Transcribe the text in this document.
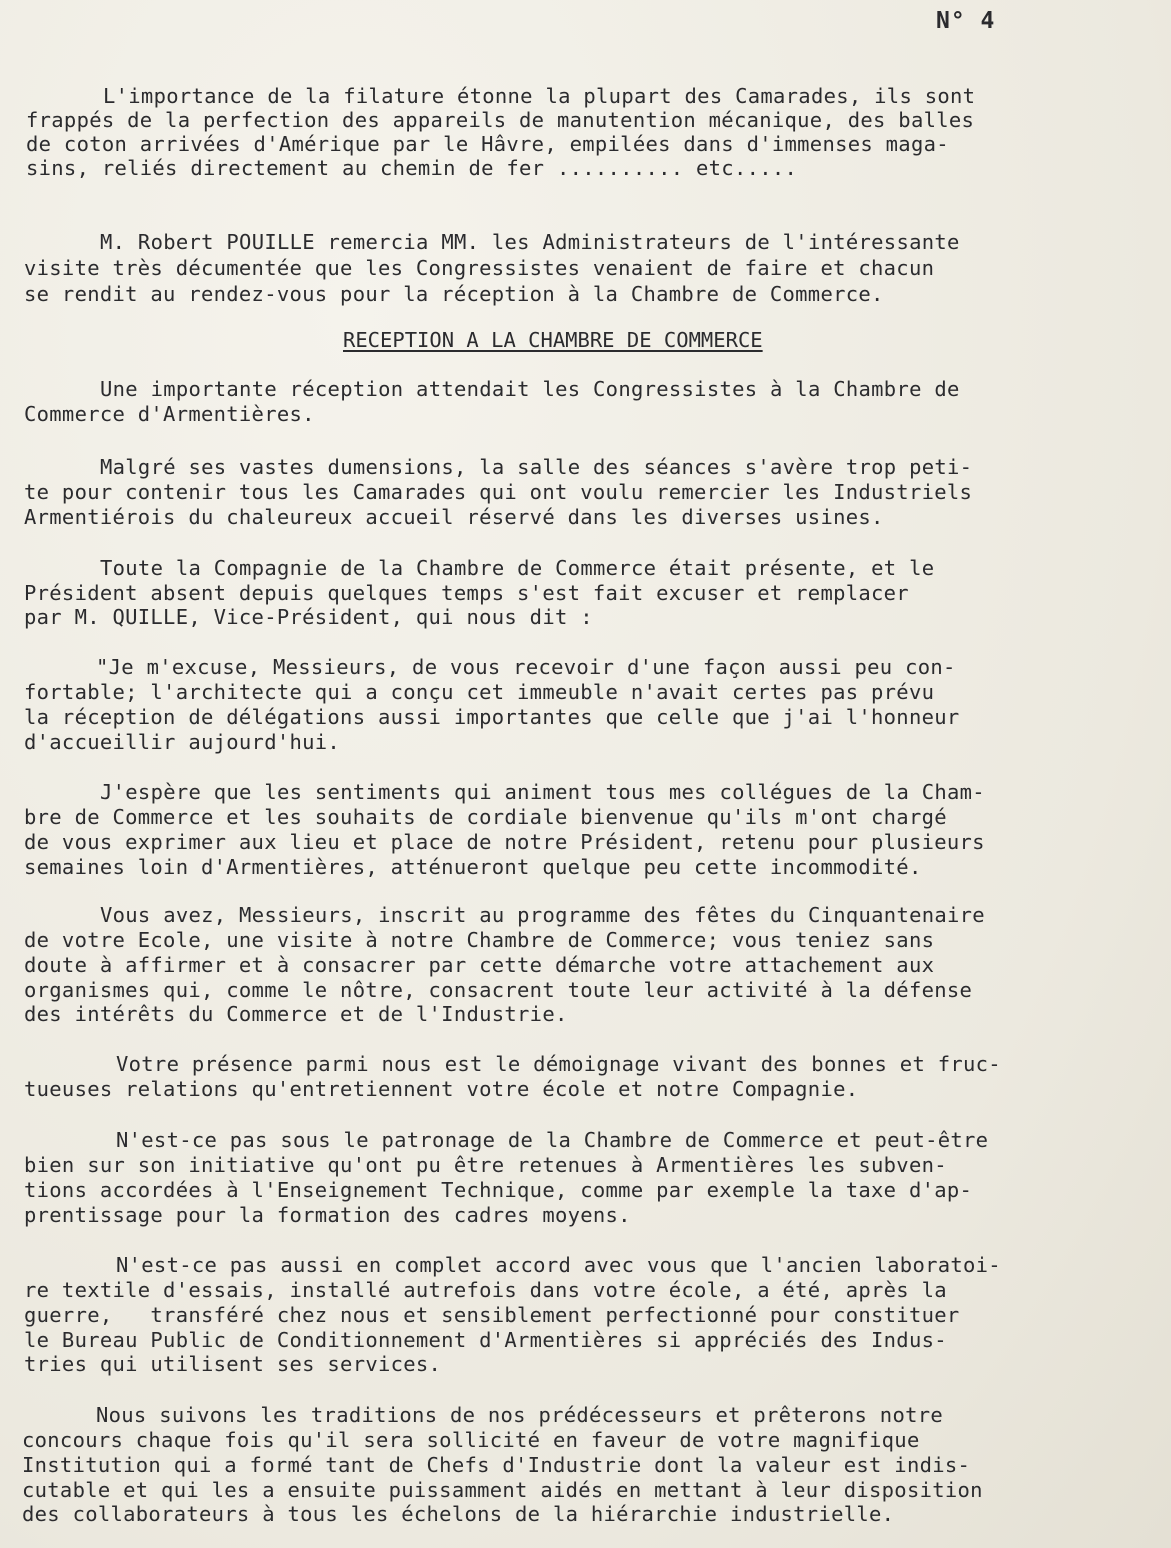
N° 4
L'importance de la filature étonne la plupart des Camarades, ils sont
frappés de la perfection des appareils de manutention mécanique, des balles
de coton arrivées d'Amérique par le Hâvre, empilées dans d'immenses maga-
sins, reliés directement au chemin de fer .......... etc.....
M. Robert POUILLE remercia MM. les Administrateurs de l'intéressante
visite très décumentée que les Congressistes venaient de faire et chacun
se rendit au rendez-vous pour la réception à la Chambre de Commerce.
RECEPTION A LA CHAMBRE DE COMMERCE
Une importante réception attendait les Congressistes à la Chambre de
Commerce d'Armentières.
Malgré ses vastes dumensions, la salle des séances s'avère trop peti-
te pour contenir tous les Camarades qui ont voulu remercier les Industriels
Armentiérois du chaleureux accueil réservé dans les diverses usines.
Toute la Compagnie de la Chambre de Commerce était présente, et le
Président absent depuis quelques temps s'est fait excuser et remplacer
par M. QUILLE, Vice-Président, qui nous dit :
"Je m'excuse, Messieurs, de vous recevoir d'une façon aussi peu con-
fortable; l'architecte qui a conçu cet immeuble n'avait certes pas prévu
la réception de délégations aussi importantes que celle que j'ai l'honneur
d'accueillir aujourd'hui.
J'espère que les sentiments qui animent tous mes collégues de la Cham-
bre de Commerce et les souhaits de cordiale bienvenue qu'ils m'ont chargé
de vous exprimer aux lieu et place de notre Président, retenu pour plusieurs
semaines loin d'Armentières, atténueront quelque peu cette incommodité.
Vous avez, Messieurs, inscrit au programme des fêtes du Cinquantenaire
de votre Ecole, une visite à notre Chambre de Commerce; vous teniez sans
doute à affirmer et à consacrer par cette démarche votre attachement aux
organismes qui, comme le nôtre, consacrent toute leur activité à la défense
des intérêts du Commerce et de l'Industrie.
Votre présence parmi nous est le démoignage vivant des bonnes et fruc-
tueuses relations qu'entretiennent votre école et notre Compagnie.
N'est-ce pas sous le patronage de la Chambre de Commerce et peut-être
bien sur son initiative qu'ont pu être retenues à Armentières les subven-
tions accordées à l'Enseignement Technique, comme par exemple la taxe d'ap-
prentissage pour la formation des cadres moyens.
N'est-ce pas aussi en complet accord avec vous que l'ancien laboratoi-
re textile d'essais, installé autrefois dans votre école, a été, après la
guerre,   transféré chez nous et sensiblement perfectionné pour constituer
le Bureau Public de Conditionnement d'Armentières si appréciés des Indus-
tries qui utilisent ses services.
Nous suivons les traditions de nos prédécesseurs et prêterons notre
concours chaque fois qu'il sera sollicité en faveur de votre magnifique
Institution qui a formé tant de Chefs d'Industrie dont la valeur est indis-
cutable et qui les a ensuite puissamment aidés en mettant à leur disposition
des collaborateurs à tous les échelons de la hiérarchie industrielle.
